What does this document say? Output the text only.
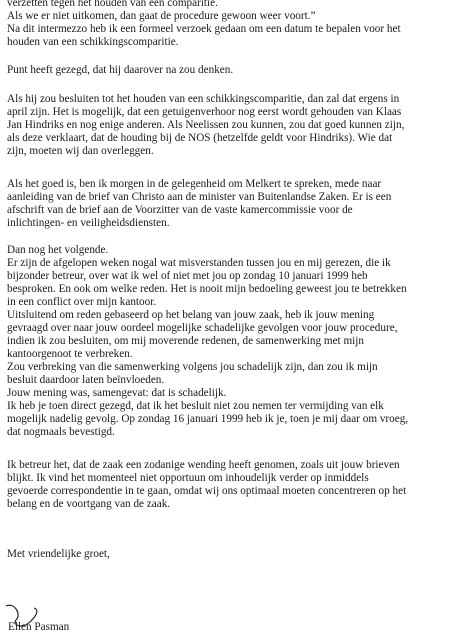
verzetten tegen het houden van een comparitie.

Als we er niet uitkomen, dan gaat de procedure gewoon weer voort.”

Na dit intermezzo heb ik een formeel verzoek gedaan om een datum te bepalen voor het

houden van een schikkingscomparitie.

Punt heeft gezegd, dat hij daarover na zou denken.

Als hij zou besluiten tot het houden van een schikkingscomparitie, dan zal dat ergens in

april zijn. Het is mogelijk, dat een getuigenverhoor nog eerst wordt gehouden van Klaas

Jan Hindriks en nog enige anderen. Als Neelissen zou kunnen, zou dat goed kunnen zijn,

als deze verklaart, dat de houding bij de NOS (hetzelfde geldt voor Hindriks). Wie dat

zijn, moeten wij dan overleggen.

Als het goed is, ben ik morgen in de gelegenheid om Melkert te spreken, mede naar

aanleiding van de brief van Christo aan de minister van Buitenlandse Zaken. Er is een

afschrift van de brief aan de Voorzitter van de vaste kamercommissie voor de

inlichtingen- en veiligheidsdiensten.

Dan nog het volgende.

Er zijn de afgelopen weken nogal wat misverstanden tussen jou en mij gerezen, die ik

bijzonder betreur, over wat ik wel of niet met jou op zondag 10 januari 1999 heb

besproken. En ook om welke reden. Het is nooit mijn bedoeling geweest jou te betrekken

in een conflict over mijn kantoor.

Uitsluitend om reden gebaseerd op het belang van jouw zaak, heb ik jouw mening

gevraagd over naar jouw oordeel mogelijke schadelijke gevolgen voor jouw procedure,

indien ik zou besluiten, om mij moverende redenen, de samenwerking met mijn

kantoorgenoot te verbreken.

Zou verbreking van die samenwerking volgens jou schadelijk zijn, dan zou ik mijn

besluit daardoor laten beïnvloeden.

Jouw mening was, samengevat: dat is schadelijk.

Ik heb je toen direct gezegd, dat ik het besluit niet zou nemen ter vermijding van elk

mogelijk nadelig gevolg. Op zondag 16 januari 1999 heb ik je, toen je mij daar om vroeg,

dat nogmaals bevestigd.

Ik betreur het, dat de zaak een zodanige wending heeft genomen, zoals uit jouw brieven

blijkt. Ik vind het momenteel niet opportuun om inhoudelijk verder op inmiddels

gevoerde correspondentie in te gaan, omdat wij ons optimaal moeten concentreren op het

belang en de voortgang van de zaak.

Met vriendelijke groet,

Ellen Pasman
